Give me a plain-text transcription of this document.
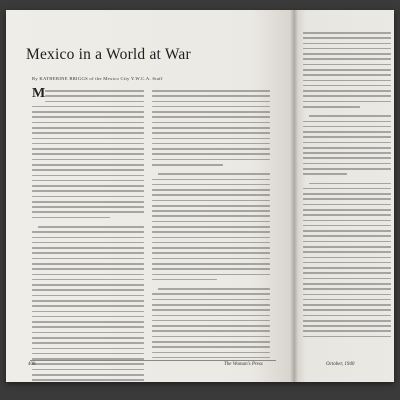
Mexico in a World at War
By KATHERINE BRIGGS of the Mexico City Y.W.C.A. Staff
M
408	The Woman's Press	October, 1940
